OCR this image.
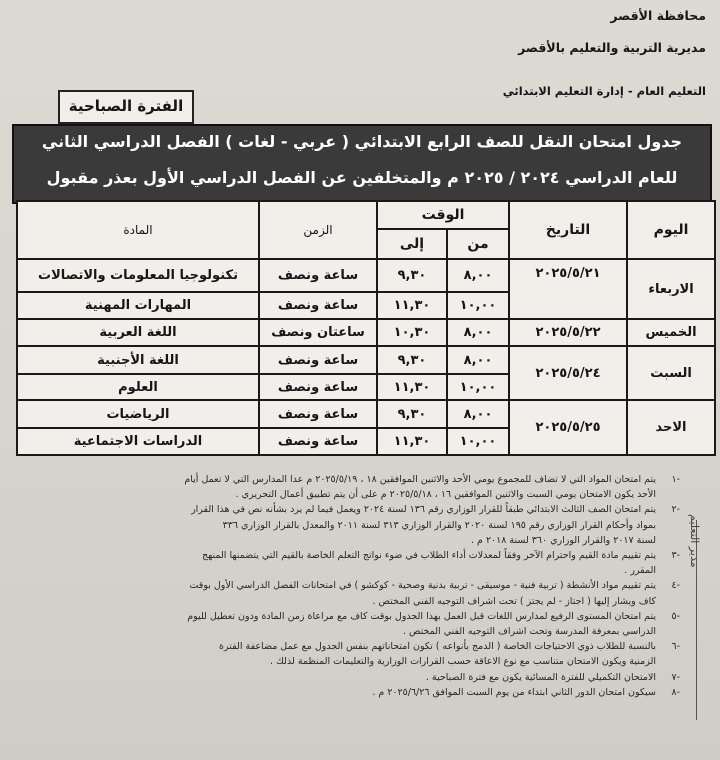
محافظة الأقصر
مديرية التربية والتعليم بالأقصر
التعليم العام - إدارة التعليم الابتدائي
الفترة الصباحية
جدول امتحان النقل للصف الرابع الابتدائي ( عربي - لغات ) الفصل الدراسي الثاني
للعام الدراسي ٢٠٢٤ / ٢٠٢٥ م والمتخلفين عن الفصل الدراسي الأول بعذر مقبول
اليوم	التاريخ	الوقت		الزمن	المادة
		من	إلى		
الاربعاء	٢٠٢٥/٥/٢١	٨,٠٠	٩,٣٠	ساعة ونصف	تكنولوجيا المعلومات والاتصالات
		١٠,٠٠	١١,٣٠	ساعة ونصف	المهارات المهنية
الخميس	٢٠٢٥/٥/٢٢	٨,٠٠	١٠,٣٠	ساعتان ونصف	اللغة العربية
السبت	٢٠٢٥/٥/٢٤	٨,٠٠	٩,٣٠	ساعة ونصف	اللغة الأجنبية
		١٠,٠٠	١١,٣٠	ساعة ونصف	العلوم
الاحد	٢٠٢٥/٥/٢٥	٨,٠٠	٩,٣٠	ساعة ونصف	الرياضيات
		١٠,٠٠	١١,٣٠	ساعة ونصف	الدراسات الاجتماعية
-١
يتم امتحان المواد التي لا تضاف للمجموع يومي الأحد والاثنين الموافقين ١٨ ، ٢٠٢٥/٥/١٩ م عدا المدارس التي لا تعمل أيام
الأحد يكون الامتحان يومي السبت والاثنين الموافقين ١٦ ، ٢٠٢٥/٥/١٨ م على أن يتم تطبيق أعمال التحريري .
-٢
يتم امتحان الصف الثالث الابتدائي طبقاً للقرار الوزاري رقم ١٣٦ لسنة ٢٠٢٤ ويعمل فيما لم يرد بشأنه نص في هذا القرار
بمواد وأحكام القرار الوزاري رقم ١٩٥ لسنة ٢٠٢٠ والقرار الوزاري ٣١٣ لسنة ٢٠١١ والمعدل بالقرار الوزاري ٣٣٦
لسنة ٢٠١٧ والقرار الوزاري ٣٦٠ لسنة ٢٠١٨ م .
-٣
يتم تقييم مادة القيم واحترام الآخر وفقاً لمعدلات أداء الطلاب في ضوء نواتج التعلم الخاصة بالقيم التي يتضمنها المنهج
المقرر .
-٤
يتم تقييم مواد الأنشطة ( تربية فنية - موسيقى - تربية بدنية وصحية - كوكشو ) في امتحانات الفصل الدراسي الأول بوقت
كاف ويشار إليها ( اجتاز - لم يجتز ) تحت اشراف التوجيه الفني المختص .
-٥
يتم امتحان المستوى الرفيع لمدارس اللغات قبل العمل بهذا الجدول بوقت كاف مع مراعاة زمن المادة ودون تعطيل لليوم
الدراسي بمعرفة المدرسة وتحت اشراف التوجيه الفني المختص .
-٦
بالنسبة للطلاب ذوي الاحتياجات الخاصة ( الدمج بأنواعه ) تكون امتحاناتهم بنفس الجدول مع عمل مضاعفة الفترة
الزمنية ويكون الامتحان متناسب مع نوع الاعاقة حسب القرارات الوزارية والتعليمات المنظمة لذلك .
-٧
الامتحان التكميلي للفترة المسائية يكون مع فترة الصباحية .
-٨
سيكون امتحان الدور الثاني ابتداء من يوم السبت الموافق ٢٠٢٥/٦/٢٦ م .
مدير التعليم
